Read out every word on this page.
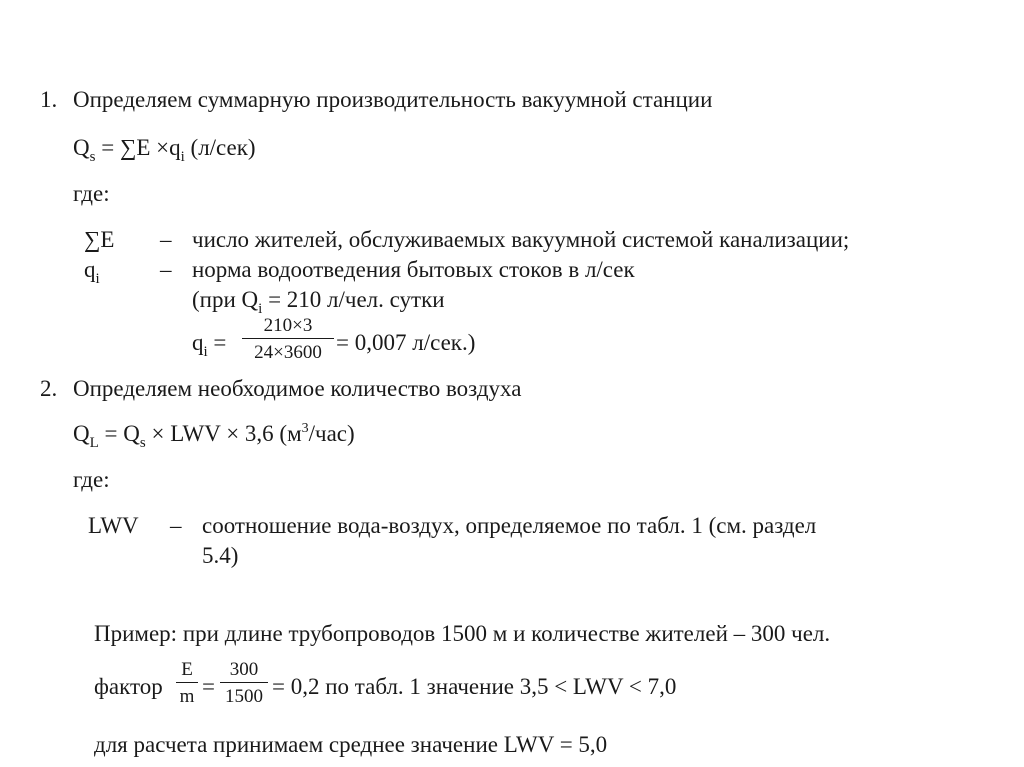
1. Определяем суммарную производительность вакуумной станции
$Q_s = \sum E \times q_i$ (л/сек)
где:
∑E – число жителей, обслуживаемых вакуумной системой канализации;
$q_i$	– норма водоотведения бытовых стоков в л/сек
(при $Q_i = 210$ л/чел. сутки
$q_i$ =
210×3
24×3600 = 0,007 л/сек.)
2. Определяем необходимое количество воздуха
$Q_L = Q_s$ × LWV × 3,6 $(м^3/час)$
где:
LWV – соотношение вода-воздух, определяемое по табл. 1 (см. раздел
5.4)
Пример: при длине трубопроводов 1500 м и количестве жителей – 300 чел.
фактор
E
m =
300
1500 = 0,2 по табл. 1 значение 3,5 < LWV < 7,0
для расчета принимаем среднее значение LWV = 5,0
